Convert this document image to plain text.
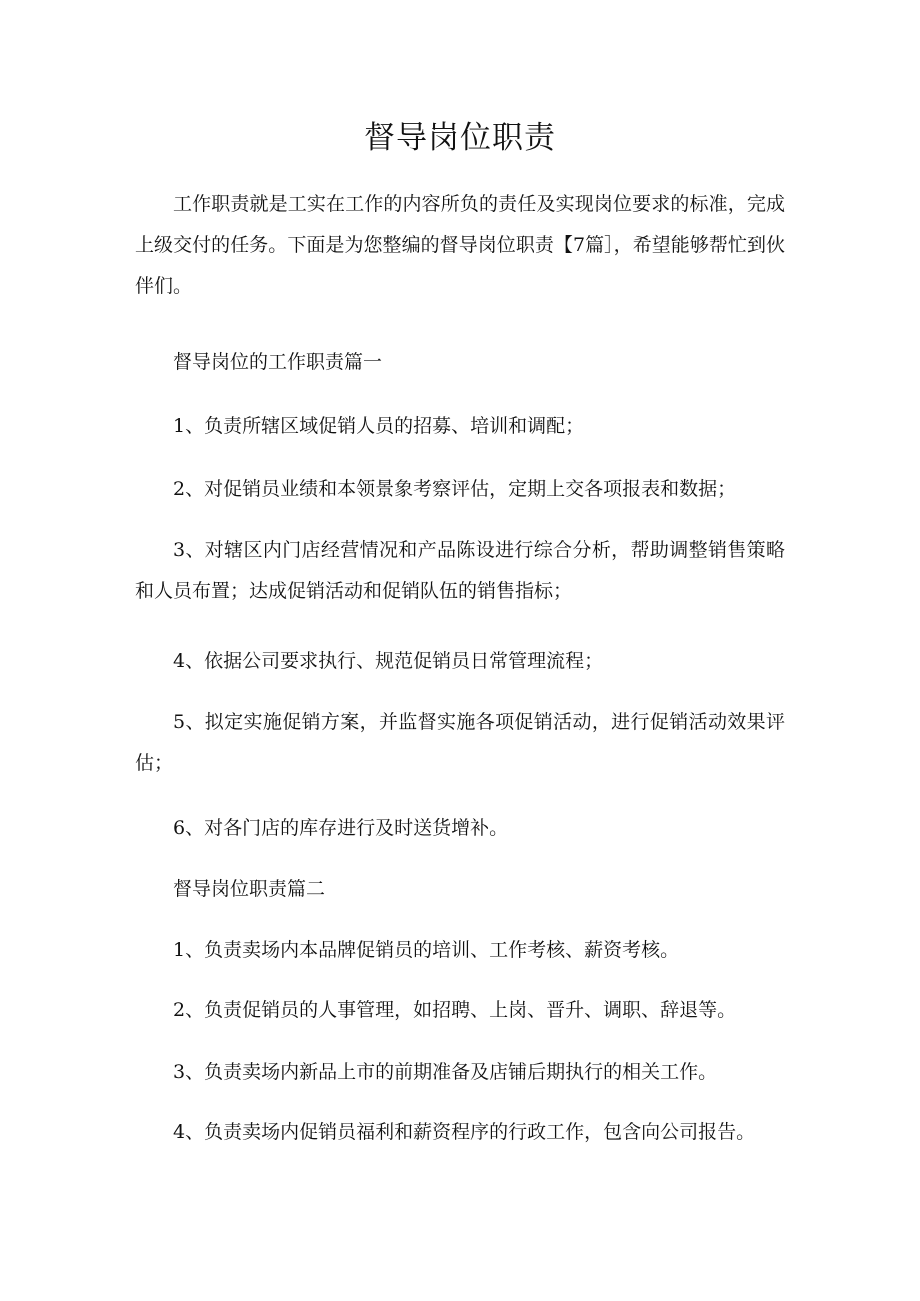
督导岗位职责
工作职责就是工实在工作的内容所负的责任及实现岗位要求的标准，完成上级交付的任务。下面是为您整编的督导岗位职责【7篇］，希望能够帮忙到伙伴们。
督导岗位的工作职责篇一
1、负责所辖区域促销人员的招募、培训和调配；
2、对促销员业绩和本领景象考察评估，定期上交各项报表和数据；
3、对辖区内门店经营情况和产品陈设进行综合分析，帮助调整销售策略和人员布置；达成促销活动和促销队伍的销售指标；
4、依据公司要求执行、规范促销员日常管理流程；
5、拟定实施促销方案，并监督实施各项促销活动，进行促销活动效果评估；
6、对各门店的库存进行及时送货增补。
督导岗位职责篇二
1、负责卖场内本品牌促销员的培训、工作考核、薪资考核。
2、负责促销员的人事管理，如招聘、上岗、晋升、调职、辞退等。
3、负责卖场内新品上市的前期准备及店铺后期执行的相关工作。
4、负责卖场内促销员福利和薪资程序的行政工作，包含向公司报告。
